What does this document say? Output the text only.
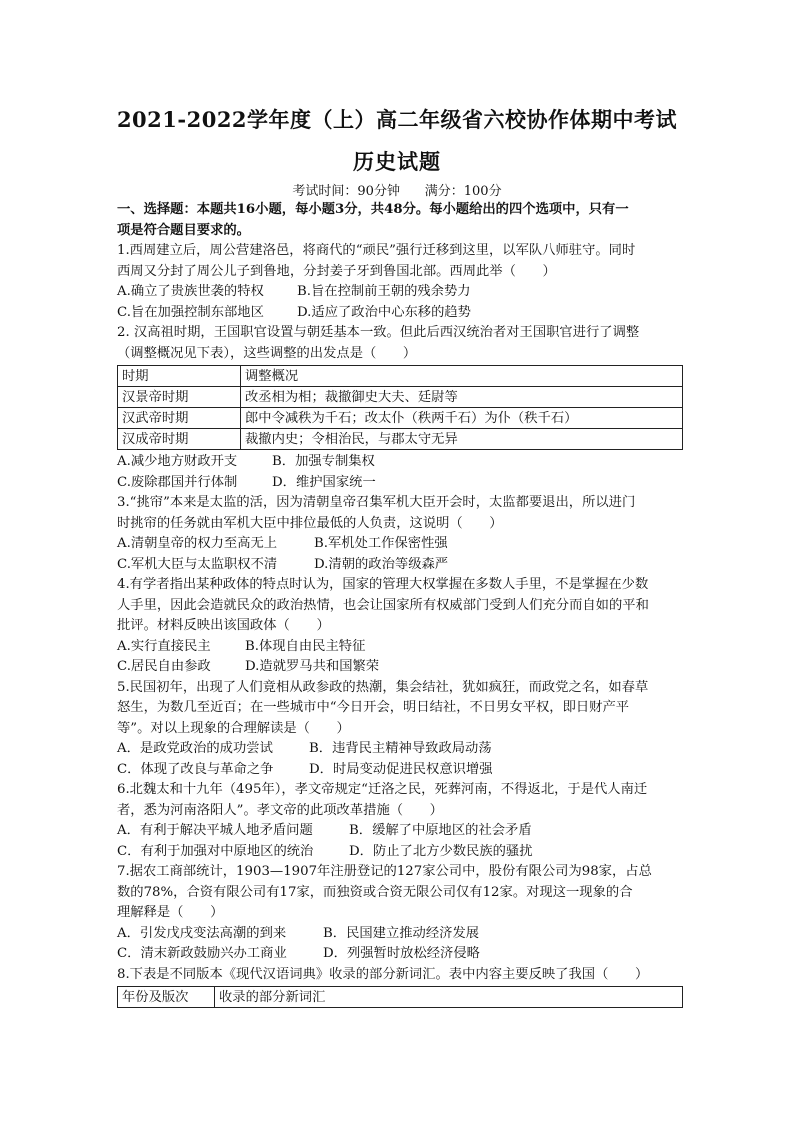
2021-2022学年度（上）高二年级省六校协作体期中考试
历史试题
考试时间：90分钟 满分：100分

一、选择题：本题共16小题，每小题3分，共48分。每小题给出的四个选项中，只有一

项是符合题目要求的。

1.西周建立后，周公营建洛邑，将商代的“顽民”强行迁移到这里，以军队八师驻守。同时

西周又分封了周公儿子到鲁地，分封姜子牙到鲁国北部。西周此举（　　）

A.确立了贵族世袭的特权 B.旨在控制前王朝的残余势力

C.旨在加强控制东部地区 D.适应了政治中心东移的趋势

2. 汉高祖时期，王国职官设置与朝廷基本一致。但此后西汉统治者对王国职官进行了调整

（调整概况见下表），这些调整的出发点是（　　）

时期	调整概况
汉景帝时期	改丞相为相；裁撤御史大夫、廷尉等
汉武帝时期	郎中令减秩为千石；改太仆（秩两千石）为仆（秩千石）
汉成帝时期	裁撤内史；令相治民，与郡太守无异

A.减少地方财政开支	B．加强专制集权

C.废除郡国并行体制	D．维护国家统一

3.“挑帘”本来是太监的活，因为清朝皇帝召集军机大臣开会时，太监都要退出，所以进门

时挑帘的任务就由军机大臣中排位最低的人负责，这说明（　　）

A.清朝皇帝的权力至高无上	B.军机处工作保密性强

C.军机大臣与太监职权不清	D.清朝的政治等级森严

4.有学者指出某种政体的特点时认为，国家的管理大权掌握在多数人手里，不是掌握在少数

人手里，因此会造就民众的政治热情，也会让国家所有权威部门受到人们充分而自如的平和

批评。材料反映出该国政体（　　）

A.实行直接民主	B.体现自由民主特征

C.居民自由参政	D.造就罗马共和国繁荣

5.民国初年，出现了人们竟相从政参政的热潮，集会结社，犹如疯狂，而政党之名，如春草

怒生，为数几至近百；在一些城市中“今日开会，明日结社，不日男女平权，即日财产平

等”。对以上现象的合理解读是（　　）

A．是政党政治的成功尝试	B．违背民主精神导致政局动荡

C．体现了改良与革命之争	D．时局变动促进民权意识增强

6.北魏太和十九年（495年），孝文帝规定“迁洛之民，死葬河南，不得返北，于是代人南迁

者，悉为河南洛阳人”。孝文帝的此项改革措施（　　）

A．有利于解决平城人地矛盾问题	B．缓解了中原地区的社会矛盾

C．有利于加强对中原地区的统治	D．防止了北方少数民族的骚扰

7.据农工商部统计，1903—1907年注册登记的127家公司中，股份有限公司为98家，占总

数的78%，合资有限公司有17家，而独资或合资无限公司仅有12家。对现这一现象的合

理解释是（　　）

A．引发戊戌变法高潮的到来	B．民国建立推动经济发展

C．清末新政鼓励兴办工商业	D．列强暂时放松经济侵略

8.下表是不同版本《现代汉语词典》收录的部分新词汇。表中内容主要反映了我国（　　）

年份及版次	收录的部分新词汇
